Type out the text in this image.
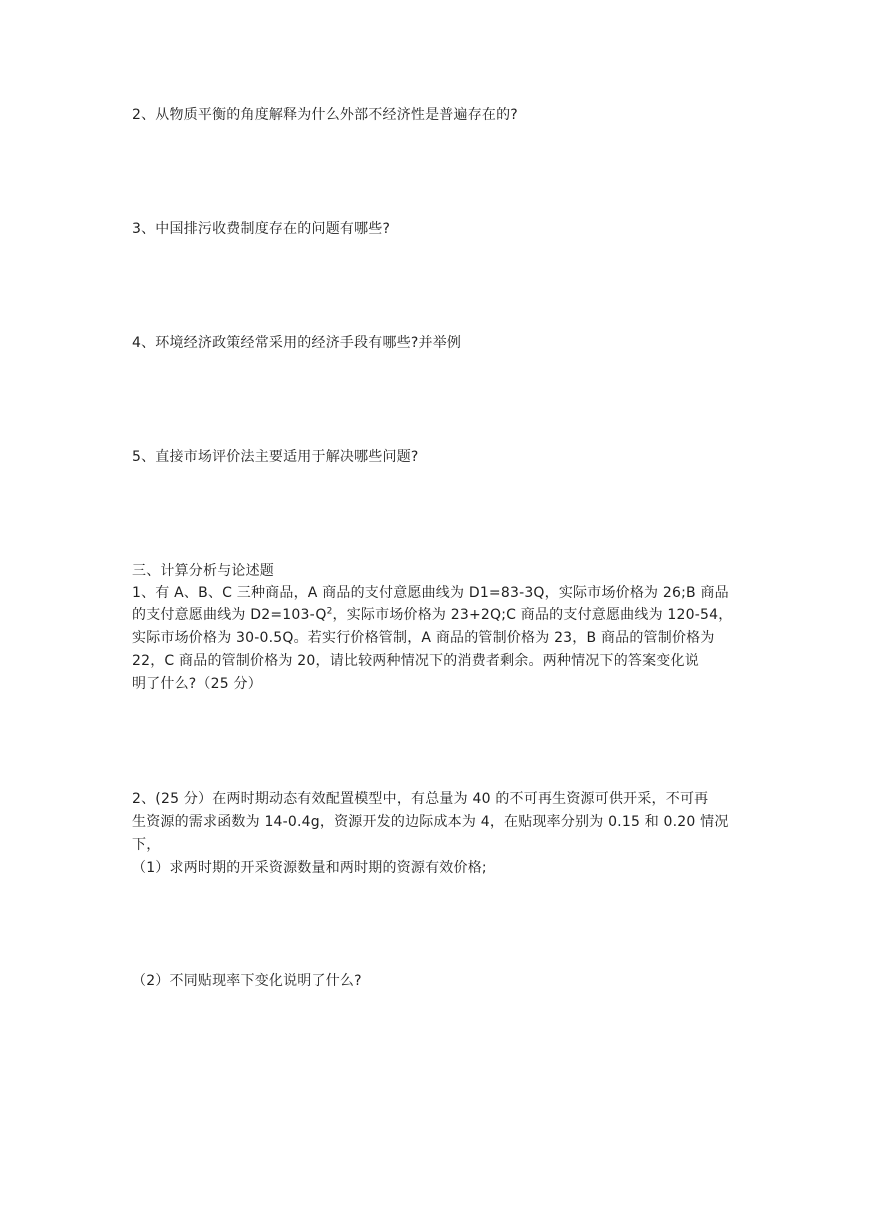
2、从物质平衡的角度解释为什么外部不经济性是普遍存在的?
3、中国排污收费制度存在的问题有哪些?
4、环境经济政策经常采用的经济手段有哪些?并举例
5、直接市场评价法主要适用于解决哪些问题?
三、计算分析与论述题
1、有 A、B、C 三种商品，A 商品的支付意愿曲线为 D1=83-3Q，实际市场价格为 26;B 商品
的支付意愿曲线为 $D2=103-Q^2$，实际市场价格为 23+2Q;C 商品的支付意愿曲线为 120-54，
实际市场价格为 30-0.5Q。若实行价格管制，A 商品的管制价格为 23，B 商品的管制价格为
22，C 商品的管制价格为 20，请比较两种情况下的消费者剩余。两种情况下的答案变化说
明了什么?（25 分）
2、(25 分）在两时期动态有效配置模型中，有总量为 40 的不可再生资源可供开采，不可再
生资源的需求函数为 14-0.4g，资源开发的边际成本为 4，在贴现率分别为 0.15 和 0.20 情况
下，
（1）求两时期的开采资源数量和两时期的资源有效价格;
（2）不同贴现率下变化说明了什么?
